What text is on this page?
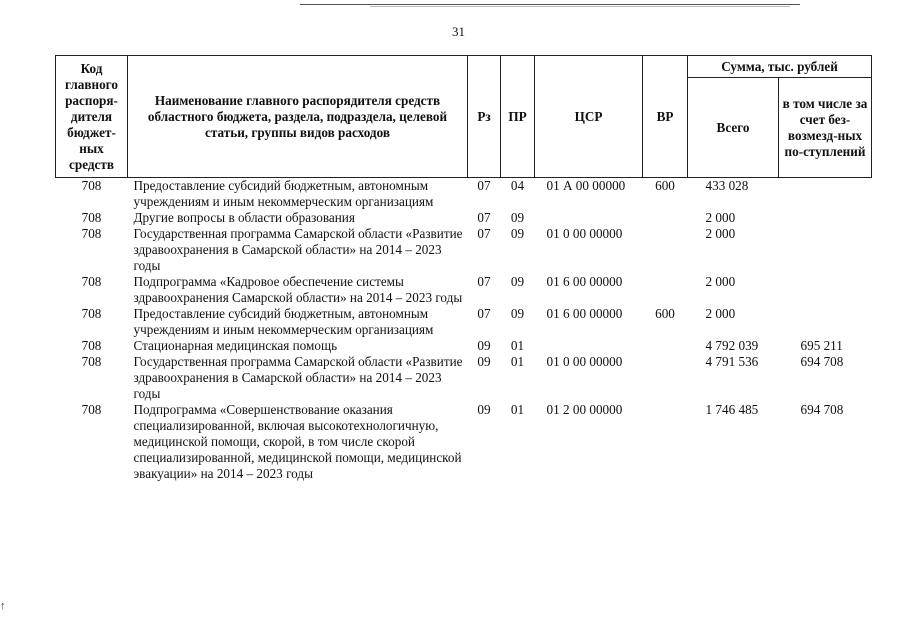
31
↑
Код главного распоря-дителя бюджет-ных средств	Наименование главного распорядителя средств областного бюджета, раздела, подраздела, целевой статьи, группы видов расходов	Рз	ПР	ЦСР	ВР	Сумма, тыс. рублей	
						Всего	в том числе за счет без-возмезд-ных по-ступлений
708	Предоставление субсидий бюджетным, автономным учреждениям и иным некоммерческим организациям	07	04	01 А 00 00000	600	433 028	
708	Другие вопросы в области образования	07	09			2 000	
708	Государственная программа Самарской области «Развитие здравоохранения в Самарской области» на 2014 – 2023 годы	07	09	01 0 00 00000		2 000	
708	Подпрограмма «Кадровое обеспечение системы здравоохранения Самарской области» на 2014 – 2023 годы	07	09	01 6 00 00000		2 000	
708	Предоставление субсидий бюджетным, автономным учреждениям и иным некоммерческим организациям	07	09	01 6 00 00000	600	2 000	
708	Стационарная медицинская помощь	09	01			4 792 039	695 211
708	Государственная программа Самарской области «Развитие здравоохранения в Самарской области» на 2014 – 2023 годы	09	01	01 0 00 00000		4 791 536	694 708
708	Подпрограмма «Совершенствование оказания специализированной, включая высокотехнологичную, медицинской помощи, скорой, в том числе скорой специализированной, медицинской помощи, медицинской эвакуации» на 2014 – 2023 годы	09	01	01 2 00 00000		1 746 485	694 708
